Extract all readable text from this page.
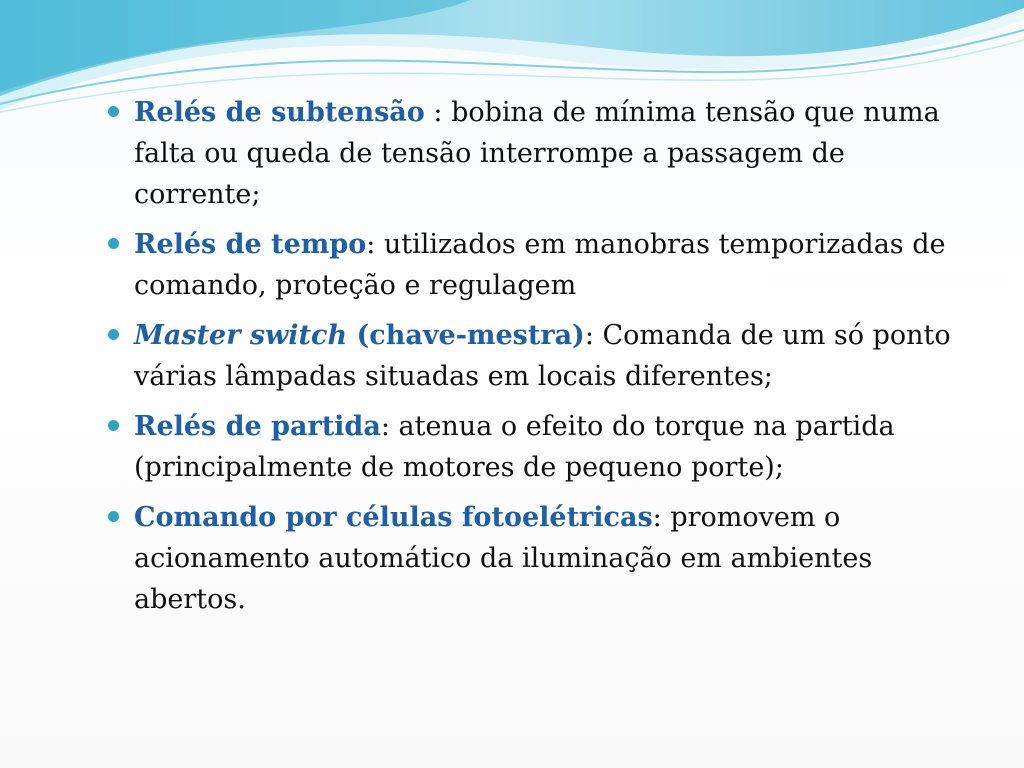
Relés de subtensão : bobina de mínima tensão que numa falta ou queda de tensão interrompe a passagem de corrente;
Relés de tempo: utilizados em manobras temporizadas de comando, proteção e regulagem
Master switch (chave-mestra): Comanda de um só ponto várias lâmpadas situadas em locais diferentes;
Relés de partida: atenua o efeito do torque na partida (principalmente de motores de pequeno porte);
Comando por células fotoelétricas: promovem o acionamento automático da iluminação em ambientes abertos.
